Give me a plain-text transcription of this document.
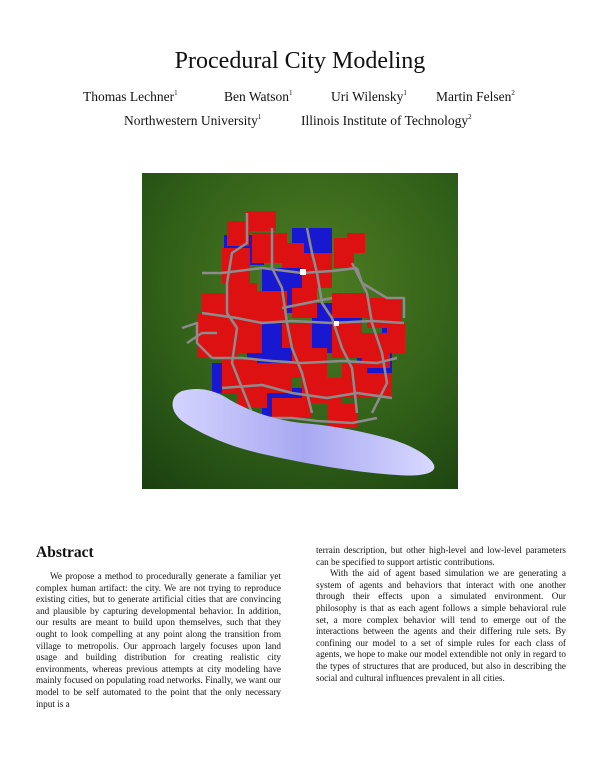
Procedural City Modeling
Thomas Lechner$^1$	Ben Watson$^1$	Uri Wilensky$^1$ Martin Felsen$^2$
Northwestern University$^1$	Illinois Institute of Technology$^2$
Abstract

We propose a method to procedurally generate a familiar yet complex human artifact: the city. We are not trying to reproduce existing cities, but to generate artificial cities that are convincing and plausible by capturing developmental behavior. In addition, our results are meant to build upon themselves, such that they ought to look compelling at any point along the transition from village to metropolis. Our approach largely focuses upon land usage and building distribution for creating realistic city environments, whereas previous attempts at city modeling have mainly focused on populating road networks. Finally, we want our model to be self automated to the point that the only necessary input is a

terrain description, but other high-level and low-level parameters can be specified to support artistic contributions.

With the aid of agent based simulation we are generating a system of agents and behaviors that interact with one another through their effects upon a simulated environment. Our philosophy is that as each agent follows a simple behavioral rule set, a more complex behavior will tend to emerge out of the interactions between the agents and their differing rule sets. By confining our model to a set of simple rules for each class of agents, we hope to make our model extendible not only in regard to the types of structures that are produced, but also in describing the social and cultural influences prevalent in all cities.
